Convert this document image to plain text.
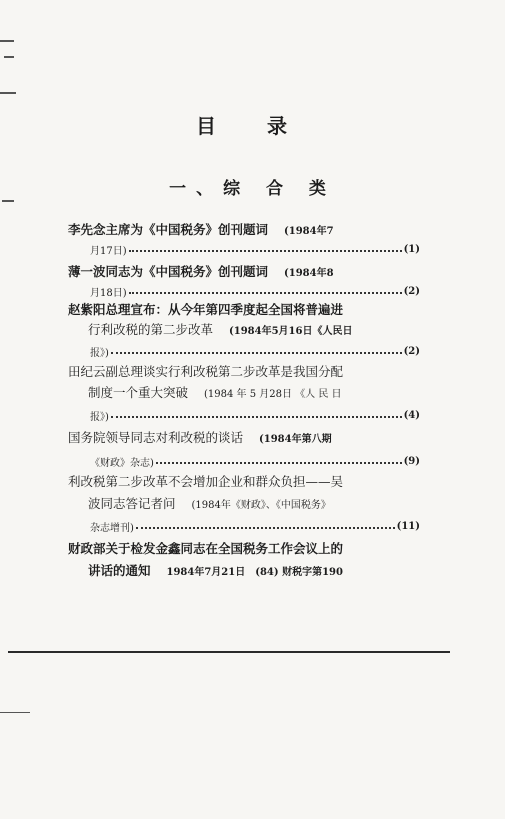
目 录
一、综 合 类
李先念主席为《中国税务》创刊题词 (1984年7
月17日)	(1)
薄一波同志为《中国税务》创刊题词 (1984年8
月18日)	(2)
赵紫阳总理宣布：从今年第四季度起全国将普遍进
行利改税的第二步改革 (1984年5月16日《人民日
报》)	(2)
田纪云副总理谈实行利改税第二步改革是我国分配
制度一个重大突破 (1984 年 5 月28日 《人 民 日
报》)	(4)
国务院领导同志对利改税的谈话 (1984年第八期
《财政》杂志)	(9)
利改税第二步改革不会增加企业和群众负担——吴
波同志答记者问 (1984年《财政》、《中国税务》
杂志增刊)	(11)
财政部关于检发金鑫同志在全国税务工作会议上的
讲话的通知 1984年7月21日　(84) 财税字第190
